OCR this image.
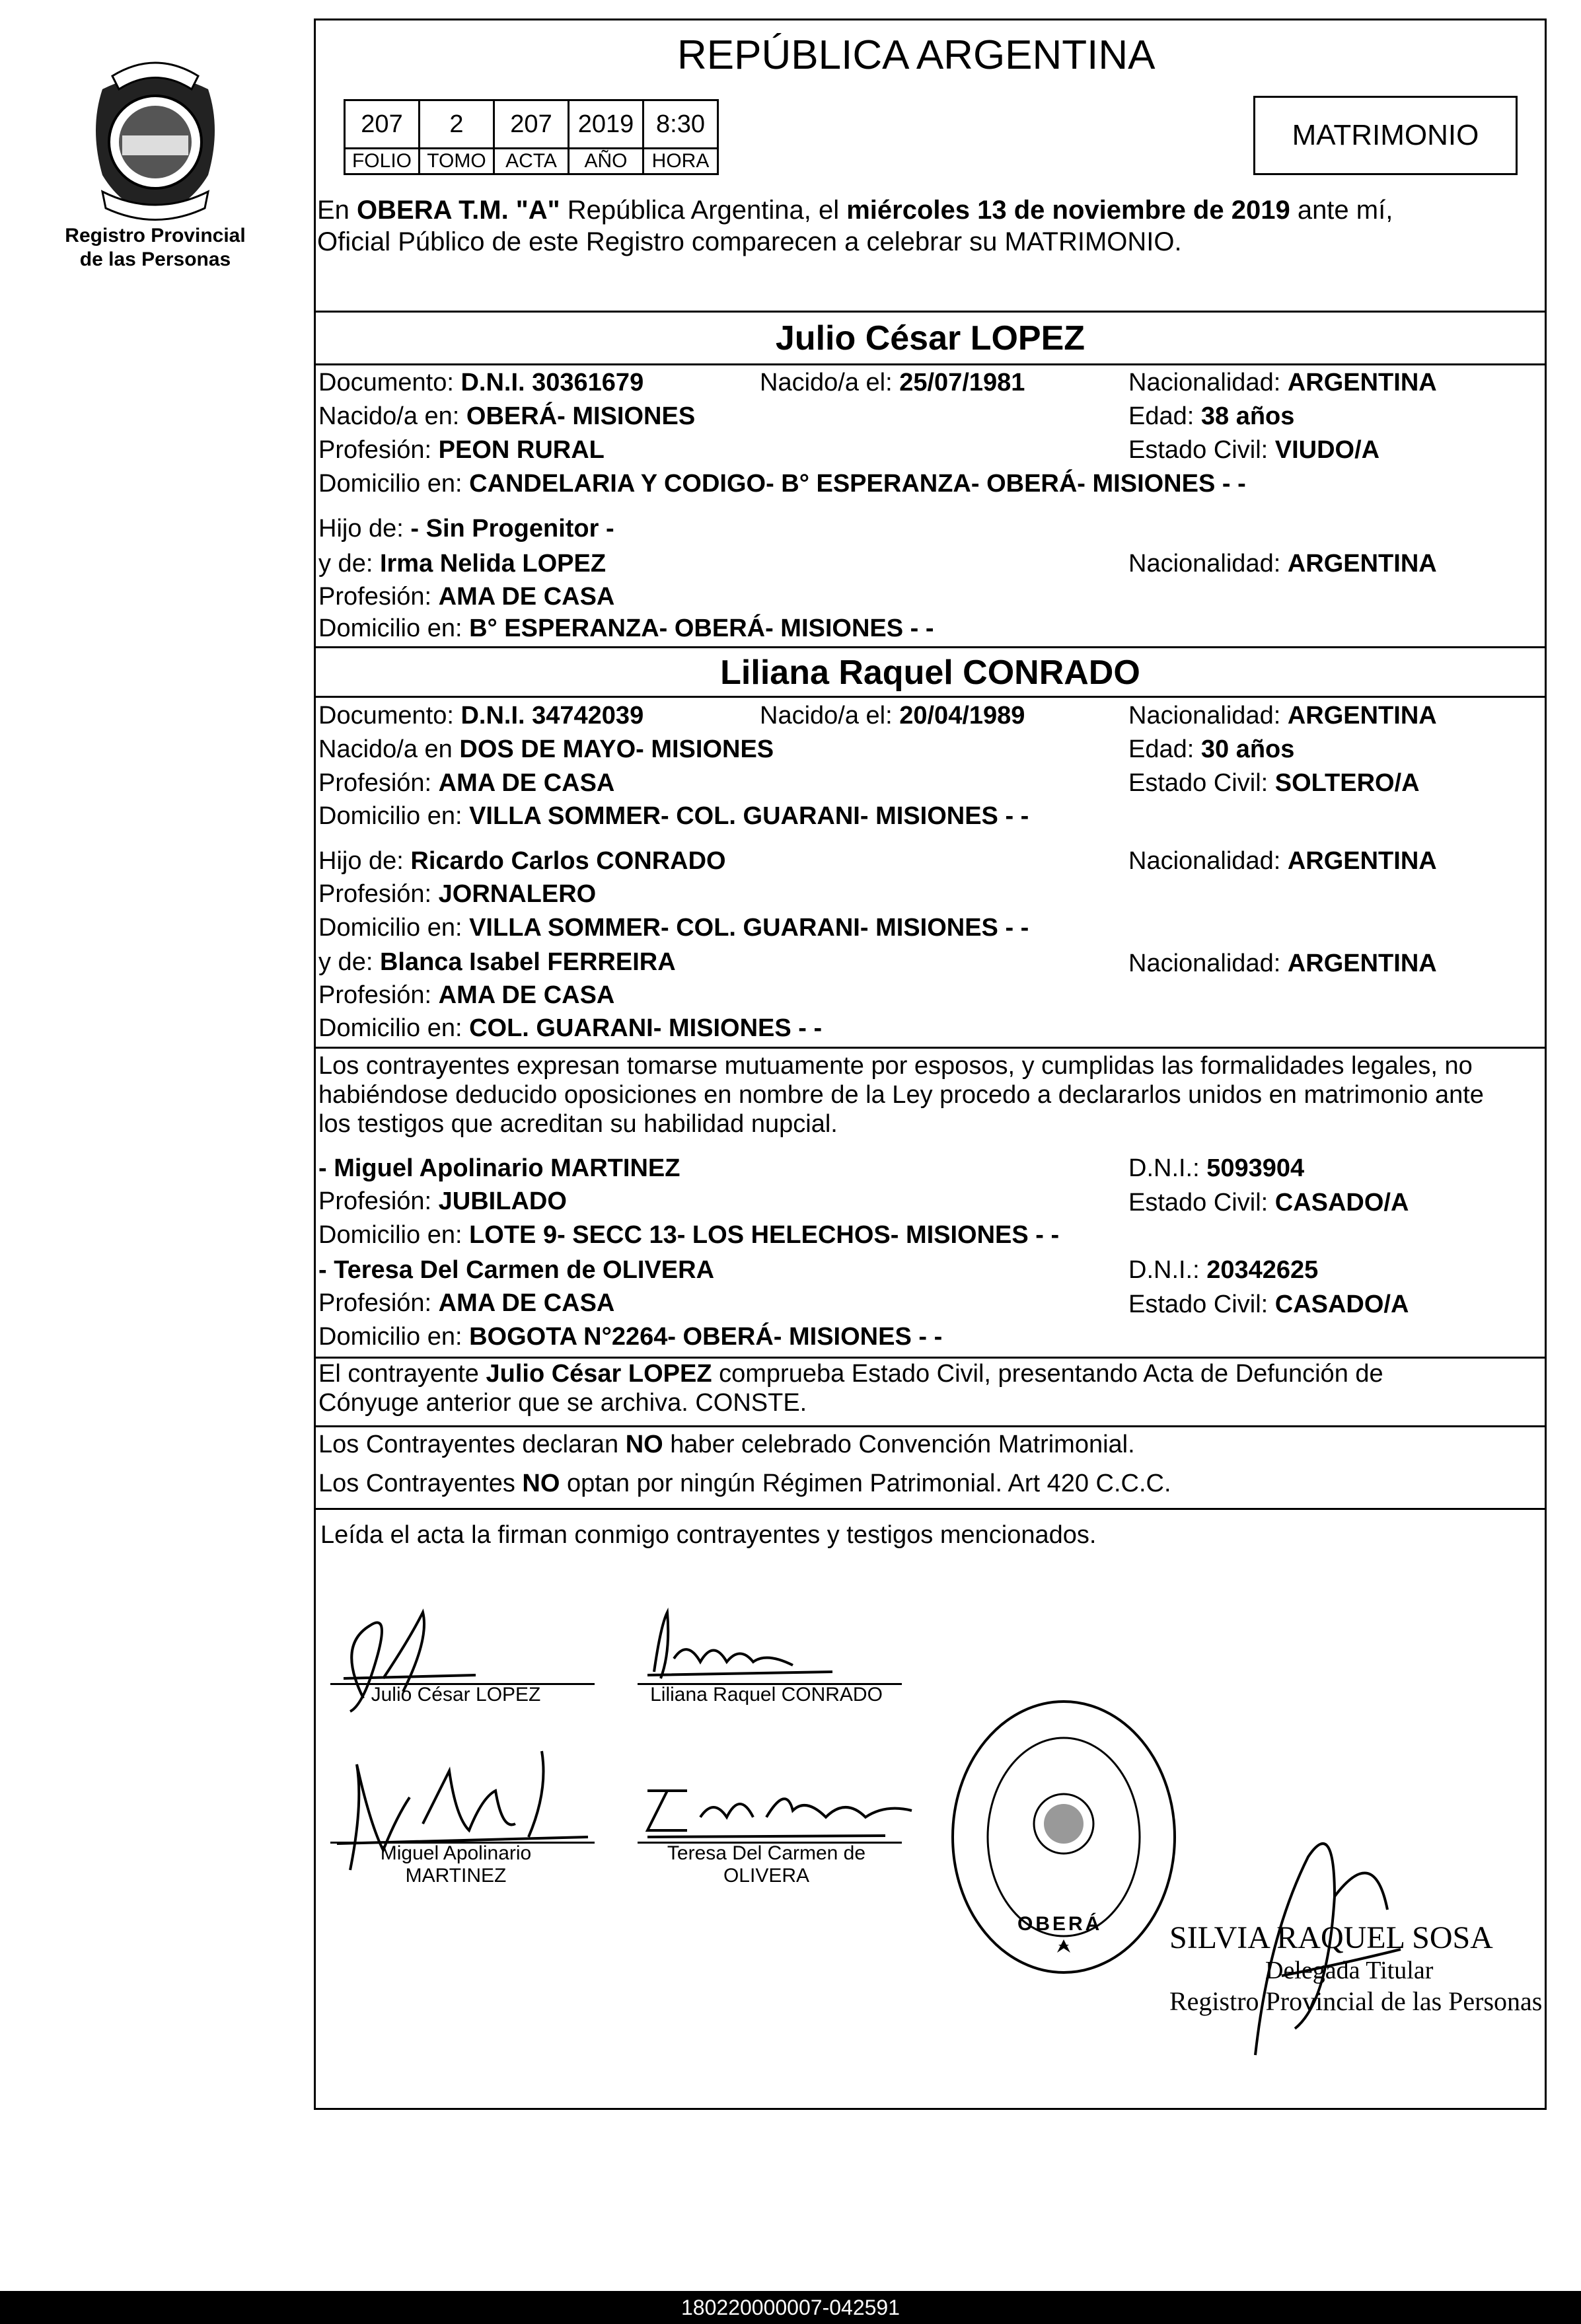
Registro Provincial
de las Personas
REPÚBLICA ARGENTINA
207	2	207	2019	8:30
FOLIO	TOMO	ACTA	AÑO	HORA
MATRIMONIO
En OBERA T.M. "A" República Argentina, el miércoles 13 de noviembre de 2019 ante mí,
Oficial Público de este Registro comparecen a celebrar su MATRIMONIO.
Julio César LOPEZ
Documento: D.N.I. 30361679	Nacido/a el: 25/07/1981	Nacionalidad: ARGENTINA
Nacido/a en: OBERÁ- MISIONES	Edad: 38 años
Profesión: PEON RURAL	Estado Civil: VIUDO/A
Domicilio en: CANDELARIA Y CODIGO- B° ESPERANZA- OBERÁ- MISIONES - -
Hijo de: - Sin Progenitor -
y de: Irma Nelida LOPEZ	Nacionalidad: ARGENTINA
Profesión: AMA DE CASA
Domicilio en: B° ESPERANZA- OBERÁ- MISIONES - -
Liliana Raquel CONRADO
Documento: D.N.I. 34742039	Nacido/a el: 20/04/1989	Nacionalidad: ARGENTINA
Nacido/a en DOS DE MAYO- MISIONES	Edad: 30 años
Profesión: AMA DE CASA	Estado Civil: SOLTERO/A
Domicilio en: VILLA SOMMER- COL. GUARANI- MISIONES - -
Hijo de: Ricardo Carlos CONRADO	Nacionalidad: ARGENTINA
Profesión: JORNALERO
Domicilio en: VILLA SOMMER- COL. GUARANI- MISIONES - -
y de: Blanca Isabel FERREIRA	Nacionalidad: ARGENTINA
Profesión: AMA DE CASA
Domicilio en: COL. GUARANI- MISIONES - -
Los contrayentes expresan tomarse mutuamente por esposos, y cumplidas las formalidades legales, no
habiéndose deducido oposiciones en nombre de la Ley procedo a declararlos unidos en matrimonio ante
los testigos que acreditan su habilidad nupcial.
- Miguel Apolinario MARTINEZ	D.N.I.: 5093904
Profesión: JUBILADO	Estado Civil: CASADO/A
Domicilio en: LOTE 9- SECC 13- LOS HELECHOS- MISIONES - -
- Teresa Del Carmen de OLIVERA	D.N.I.: 20342625
Profesión: AMA DE CASA	Estado Civil: CASADO/A
Domicilio en: BOGOTA N°2264- OBERÁ- MISIONES - -
El contrayente Julio César LOPEZ comprueba Estado Civil, presentando Acta de Defunción de
Cónyuge anterior que se archiva. CONSTE.
Los Contrayentes declaran NO haber celebrado Convención Matrimonial.
Los Contrayentes NO optan por ningún Régimen Patrimonial. Art 420 C.C.C.
Leída el acta la firman conmigo contrayentes y testigos mencionados.
Julio César LOPEZ	Liliana Raquel CONRADO
Miguel Apolinario
MARTINEZ
Teresa Del Carmen de
OLIVERA
OBERÁ SILVIA RAQUEL SOSA
Delegada Titular
Registro Provincial de las Personas
180220000007-042591
